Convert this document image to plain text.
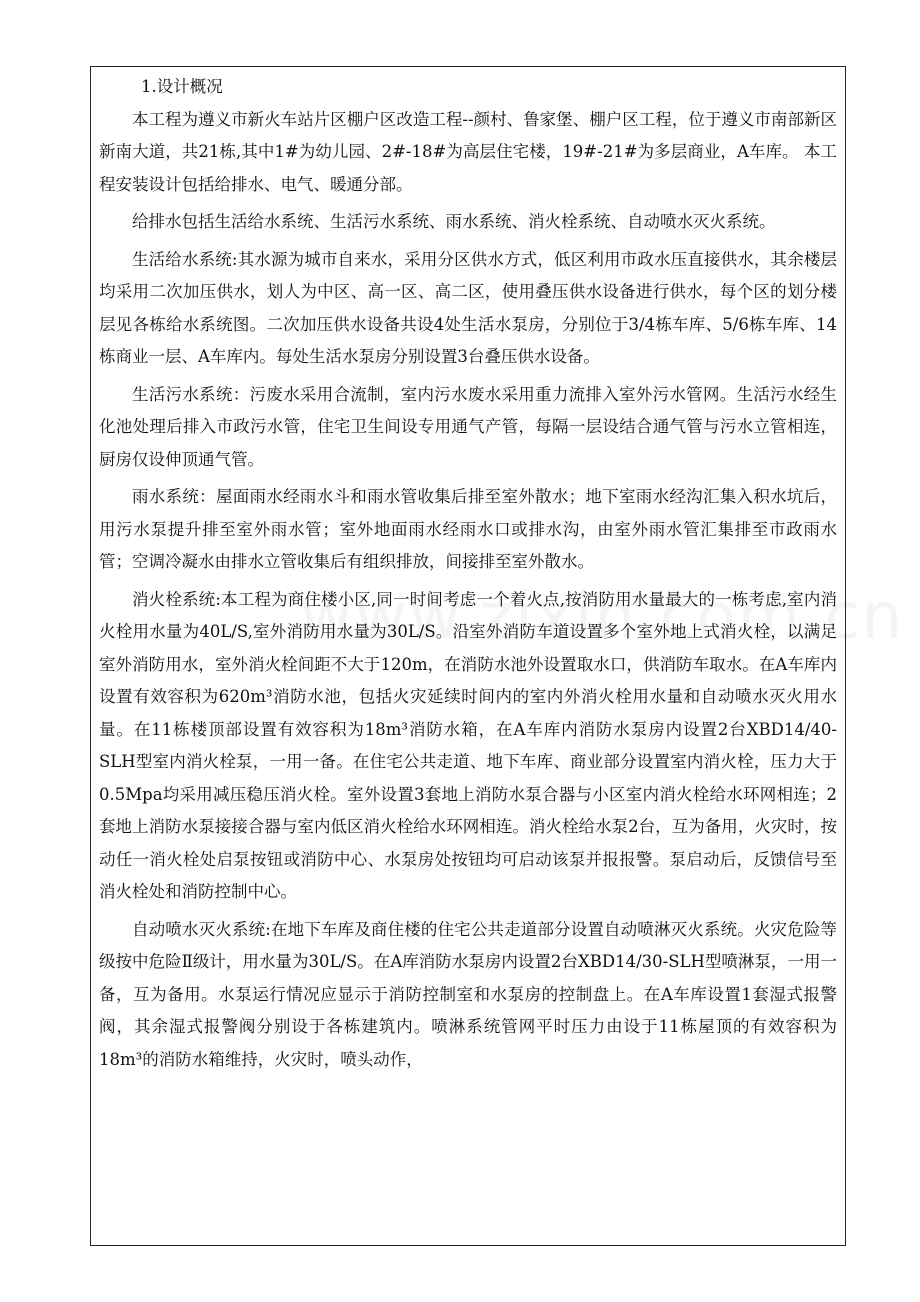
1.设计概况

本工程为遵义市新火车站片区棚户区改造工程--颜村、鲁家堡、棚户区工程，位于遵义市南部新区新南大道，共21栋,其中1#为幼儿园、2#-18#为高层住宅楼，19#-21#为多层商业，A车库。 本工程安装设计包括给排水、电气、暖通分部。

给排水包括生活给水系统、生活污水系统、雨水系统、消火栓系统、自动喷水灭火系统。

生活给水系统:其水源为城市自来水，采用分区供水方式，低区利用市政水压直接供水，其余楼层均采用二次加压供水，划人为中区、高一区、高二区，使用叠压供水设备进行供水，每个区的划分楼层见各栋给水系统图。二次加压供水设备共设4处生活水泵房，分别位于3/4栋车库、5/6栋车库、14栋商业一层、A车库内。每处生活水泵房分别设置3台叠压供水设备。

生活污水系统：污废水采用合流制，室内污水废水采用重力流排入室外污水管网。生活污水经生化池处理后排入市政污水管，住宅卫生间设专用通气产管，每隔一层设结合通气管与污水立管相连，厨房仅设伸顶通气管。

雨水系统：屋面雨水经雨水斗和雨水管收集后排至室外散水；地下室雨水经沟汇集入积水坑后，用污水泵提升排至室外雨水管；室外地面雨水经雨水口或排水沟，由室外雨水管汇集排至市政雨水管；空调冷凝水由排水立管收集后有组织排放，间接排至室外散水。

消火栓系统:本工程为商住楼小区,同一时间考虑一个着火点,按消防用水量最大的一栋考虑,室内消火栓用水量为40L/S,室外消防用水量为30L/S。沿室外消防车道设置多个室外地上式消火栓，以满足室外消防用水，室外消火栓间距不大于120m，在消防水池外设置取水口，供消防车取水。在A车库内设置有效容积为620m³消防水池，包括火灾延续时间内的室内外消火栓用水量和自动喷水灭火用水量。在11栋楼顶部设置有效容积为18m³消防水箱，在A车库内消防水泵房内设置2台XBD14/40-SLH型室内消火栓泵，一用一备。在住宅公共走道、地下车库、商业部分设置室内消火栓，压力大于0.5Mpa均采用减压稳压消火栓。室外设置3套地上消防水泵合器与小区室内消火栓给水环网相连；2套地上消防水泵接接合器与室内低区消火栓给水环网相连。消火栓给水泵2台，互为备用，火灾时，按动任一消火栓处启泵按钮或消防中心、水泵房处按钮均可启动该泵并报报警。泵启动后，反馈信号至消火栓处和消防控制中心。

自动喷水灭火系统:在地下车库及商住楼的住宅公共走道部分设置自动喷淋灭火系统。火灾危险等级按中危险Ⅱ级计，用水量为30L/S。在A库消防水泵房内设置2台XBD14/30-SLH型喷淋泵，一用一备，互为备用。水泵运行情况应显示于消防控制室和水泵房的控制盘上。在A车库设置1套湿式报警阀，其余湿式报警阀分别设于各栋建筑内。喷淋系统管网平时压力由设于11栋屋顶的有效容积为18m³的消防水箱维持，火灾时，喷头动作，
